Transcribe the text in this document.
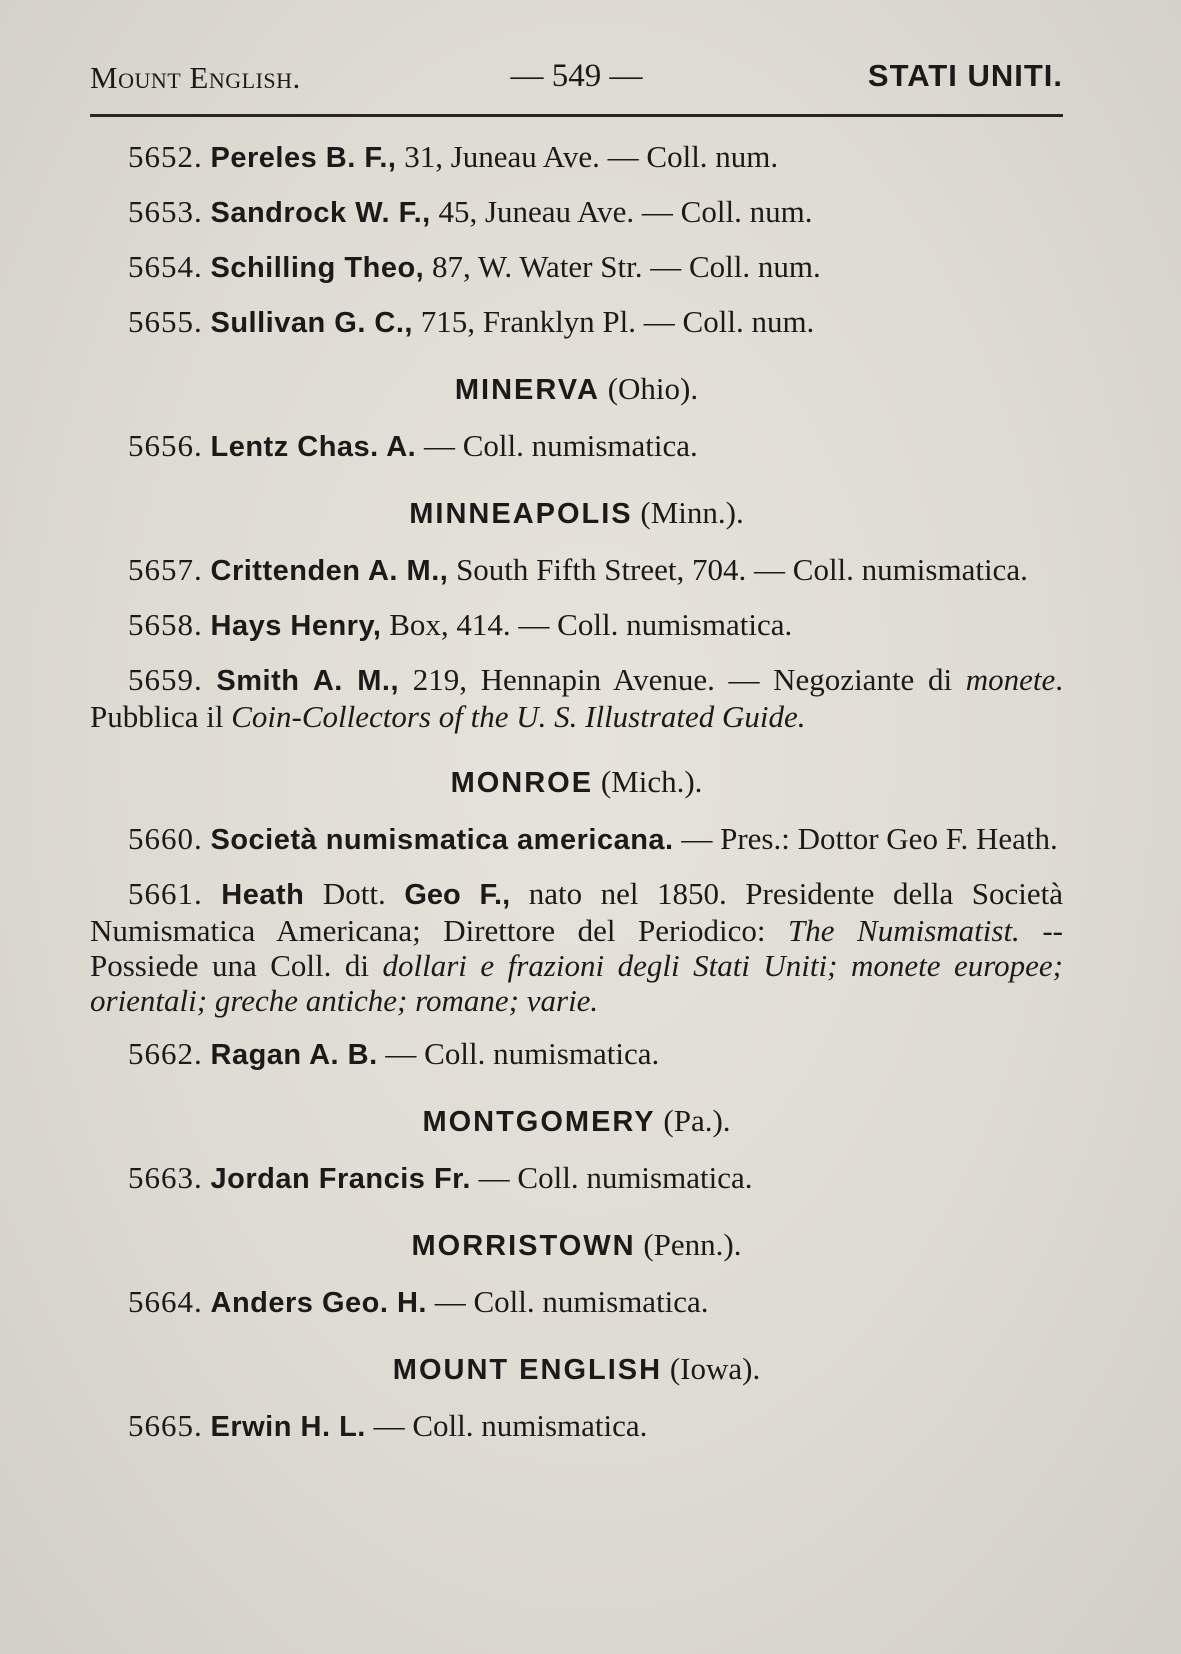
Mount English.	— 549 —	STATI UNITI.

5652. Pereles B. F., 31, Juneau Ave. — Coll. num.

5653. Sandrock W. F., 45, Juneau Ave. — Coll. num.

5654. Schilling Theo, 87, W. Water Str. — Coll. num.

5655. Sullivan G. C., 715, Franklyn Pl. — Coll. num.

MINERVA (Ohio).

5656. Lentz Chas. A. — Coll. numismatica.

MINNEAPOLIS (Minn.).

5657. Crittenden A. M., South Fifth Street, 704. — Coll. numismatica.

5658. Hays Henry, Box, 414. — Coll. numismatica.

5659. Smith A. M., 219, Hennapin Avenue. — Negoziante di monete. Pubblica il Coin-Collectors of the U. S. Illustrated Guide.

MONROE (Mich.).

5660. Società numismatica americana. — Pres.: Dottor Geo F. Heath.

5661. Heath Dott. Geo F., nato nel 1850. Presidente della Società Numismatica Americana; Direttore del Periodico: The Numismatist. -- Possiede una Coll. di dollari e frazioni degli Stati Uniti; monete europee; orientali; greche antiche; romane; varie.

5662. Ragan A. B. — Coll. numismatica.

MONTGOMERY (Pa.).

5663. Jordan Francis Fr. — Coll. numismatica.

MORRISTOWN (Penn.).

5664. Anders Geo. H. — Coll. numismatica.

MOUNT ENGLISH (Iowa).

5665. Erwin H. L. — Coll. numismatica.
